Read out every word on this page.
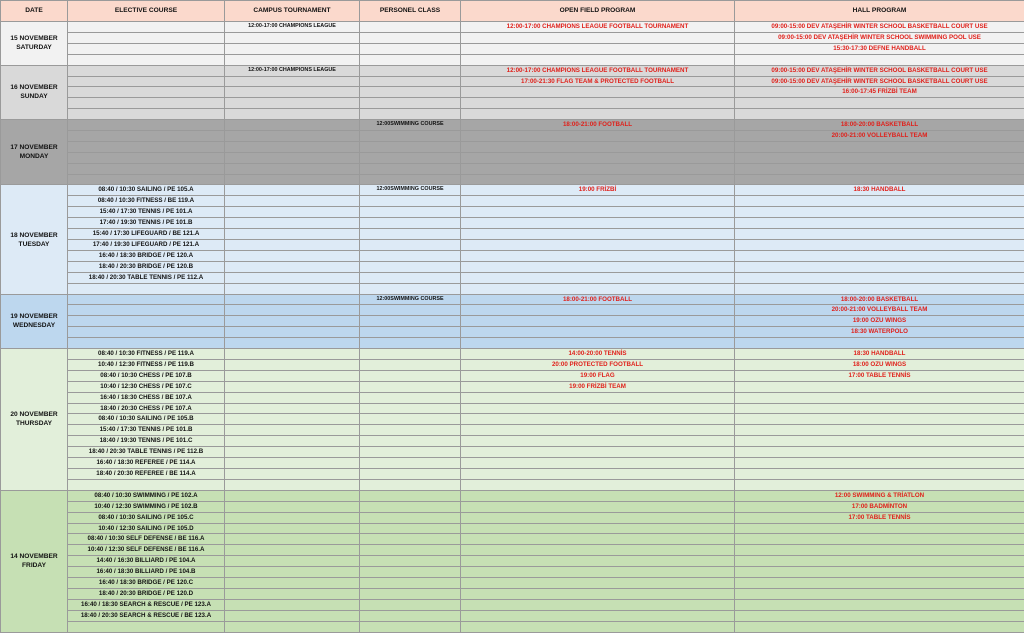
DATE	ELECTIVE COURSE	CAMPUS TOURNAMENT	PERSONEL CLASS	OPEN FIELD PROGRAM	HALL PROGRAM

15 NOVEMBER
SATURDAY		12:00-17:00 CHAMPIONS LEAGUE		12:00-17:00 CHAMPIONS LEAGUE FOOTBALL TOURNAMENT	09:00-15:00 DEV ATAŞEHİR WINTER SCHOOL BASKETBALL COURT USE
					09:00-15:00 DEV ATAŞEHİR WINTER SCHOOL SWIMMING POOL USE
					15:30-17:30 DEFNE HANDBALL

16 NOVEMBER
SUNDAY		12:00-17:00 CHAMPIONS LEAGUE		12:00-17:00 CHAMPIONS LEAGUE FOOTBALL TOURNAMENT	09:00-15:00 DEV ATAŞEHİR WINTER SCHOOL BASKETBALL COURT USE
				17:00-21:30 FLAG TEAM & PROTECTED FOOTBALL	09:00-15:00 DEV ATAŞEHİR WINTER SCHOOL BASKETBALL COURT USE
					16:00-17:45 FRİZBİ TEAM

17 NOVEMBER
MONDAY			12:00SWIMMING COURSE	18:00-21:00 FOOTBALL	18:00-20:00 BASKETBALL
					20:00-21:00 VOLLEYBALL TEAM

18 NOVEMBER
TUESDAY	08:40 / 10:30 SAILING / PE 105.A		12:00SWIMMING COURSE	19:00 FRİZBİ	18:30 HANDBALL
	08:40 / 10:30 FITNESS / BE 119.A				
	15:40 / 17:30 TENNIS / PE 101.A				
	17:40 / 19:30 TENNIS / PE 101.B				
	15:40 / 17:30 LIFEGUARD / BE 121.A				
	17:40 / 19:30 LIFEGUARD / PE 121.A				
	16:40 / 18:30 BRIDGE / PE 120.A				
	18:40 / 20:30 BRIDGE / PE 120.B				
	18:40 / 20:30 TABLE TENNIS / PE 112.A				

19 NOVEMBER
WEDNESDAY			12:00SWIMMING COURSE	18:00-21:00 FOOTBALL	18:00-20:00 BASKETBALL
					20:00-21:00 VOLLEYBALL TEAM
					19:00 OZU WINGS
					18:30 WATERPOLO

20 NOVEMBER
THURSDAY	08:40 / 10:30 FITNESS / PE 119.A			14:00-20:00 TENNİS	18:30 HANDBALL
	10:40 / 12:30 FITNESS / PE 119.B			20:00 PROTECTED FOOTBALL	18:00 OZU WINGS
	08:40 / 10:30 CHESS / PE 107.B			19:00 FLAG	17:00 TABLE TENNİS
	10:40 / 12:30 CHESS / PE 107.C			19:00 FRİZBİ TEAM	
	16:40 / 18:30 CHESS / BE 107.A				
	18:40 / 20:30 CHESS / PE 107.A				
	08:40 / 10:30 SAILING / PE 105.B				
	15:40 / 17:30 TENNIS / PE 101.B				
	18:40 / 19:30 TENNIS / PE 101.C				
	18:40 / 20:30 TABLE TENNIS / PE 112.B				
	16:40 / 18:30 REFEREE / PE 114.A				
	18:40 / 20:30 REFEREE / BE 114.A				

14 NOVEMBER
FRIDAY	08:40 / 10:30 SWIMMING / PE 102.A				12:00 SWIMMING & TRİATLON
	10:40 / 12:30 SWIMMING / PE 102.B				17:00 BADMİNTON
	08:40 / 10:30 SAILING / PE 105.C				17:00 TABLE TENNİS
	10:40 / 12:30 SAILING / PE 105.D				
	08:40 / 10:30 SELF DEFENSE / BE 116.A				
	10:40 / 12:30 SELF DEFENSE / BE 116.A				
	14:40 / 16:30 BILLIARD / PE 104.A				
	16:40 / 18:30 BILLIARD / PE 104.B				
	16:40 / 18:30 BRIDGE / PE 120.C				
	18:40 / 20:30 BRIDGE / PE 120.D				
	16:40 / 18:30 SEARCH & RESCUE / PE 123.A				
	18:40 / 20:30 SEARCH & RESCUE / BE 123.A				
